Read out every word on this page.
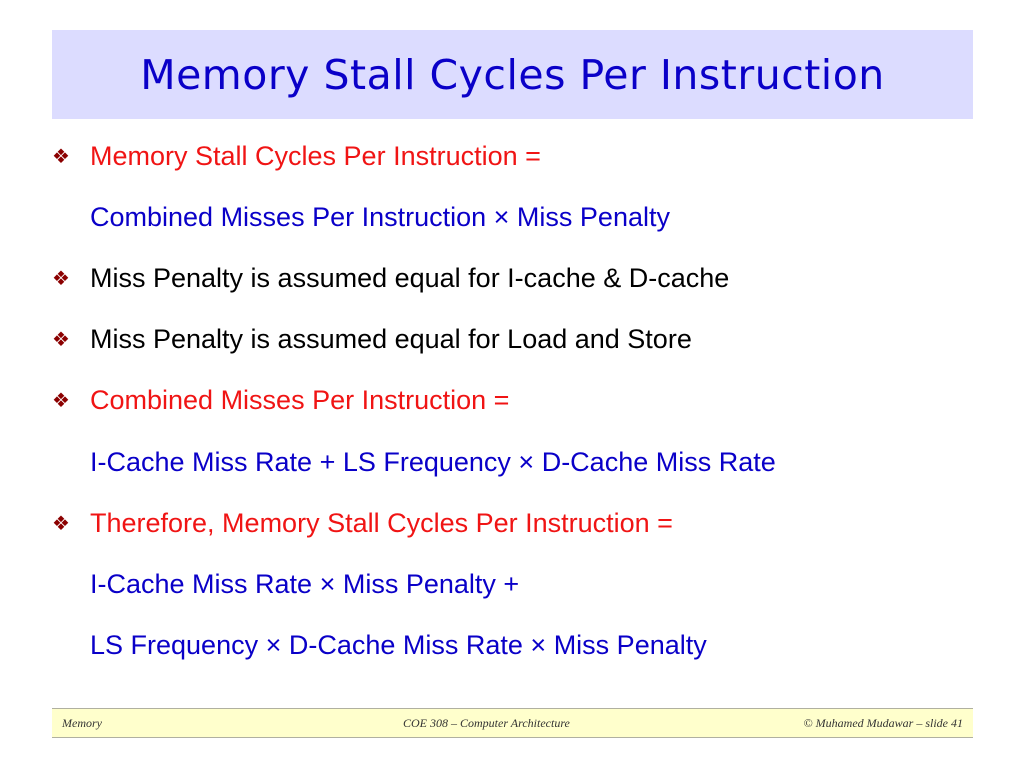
Memory Stall Cycles Per Instruction
❖ Memory Stall Cycles Per Instruction =
Combined Misses Per Instruction × Miss Penalty
❖ Miss Penalty is assumed equal for I-cache & D-cache
❖ Miss Penalty is assumed equal for Load and Store
❖ Combined Misses Per Instruction =
I-Cache Miss Rate + LS Frequency × D-Cache Miss Rate
❖ Therefore, Memory Stall Cycles Per Instruction =
I-Cache Miss Rate × Miss Penalty +
LS Frequency × D-Cache Miss Rate × Miss Penalty
Memory	COE 308 – Computer Architecture	© Muhamed Mudawar – slide 41
